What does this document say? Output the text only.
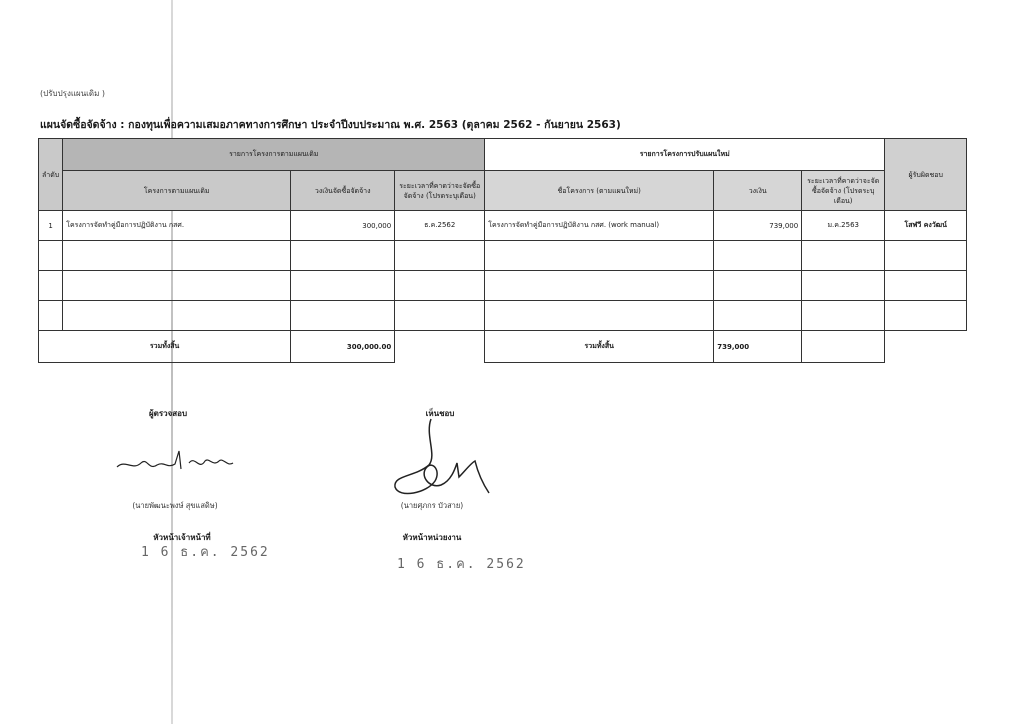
(ปรับปรุงแผนเดิม )
แผนจัดซื้อจัดจ้าง : กองทุนเพื่อความเสมอภาคทางการศึกษา ประจำปีงบประมาณ พ.ศ. 2563 (ตุลาคม 2562 - กันยายน 2563)
ลำดับ	รายการโครงการตามแผนเดิม			รายการโครงการปรับแผนใหม่			ผู้รับผิดชอบ
	โครงการตามแผนเดิม	วงเงินจัดซื้อจัดจ้าง	ระยะเวลาที่คาดว่าจะจัดซื้อจัดจ้าง (โปรดระบุเดือน)	ชื่อโครงการ (ตามแผนใหม่)	วงเงิน	ระยะเวลาที่คาดว่าจะจัดซื้อจัดจ้าง (โปรดระบุเดือน)	
1	โครงการจัดทำคู่มือการปฏิบัติงาน กสศ.	300,000	ธ.ค.2562	โครงการจัดทำคู่มือการปฏิบัติงาน กสศ. (work manual)	739,000	ม.ค.2563	โสฬวี คงวัฒน์

รวมทั้งสิ้น		300,000.00		รวมทั้งสิ้น	739,000		
ผู้ตรวจสอบ
(นายพัฒนะพงษ์ สุขแสดิษ)
หัวหน้าเจ้าหน้าที่
1 6 ธ.ค. 2562
เห็นชอบ
(นายศุภกร บัวสาย)
หัวหน้าหน่วยงาน
1 6 ธ.ค. 2562
